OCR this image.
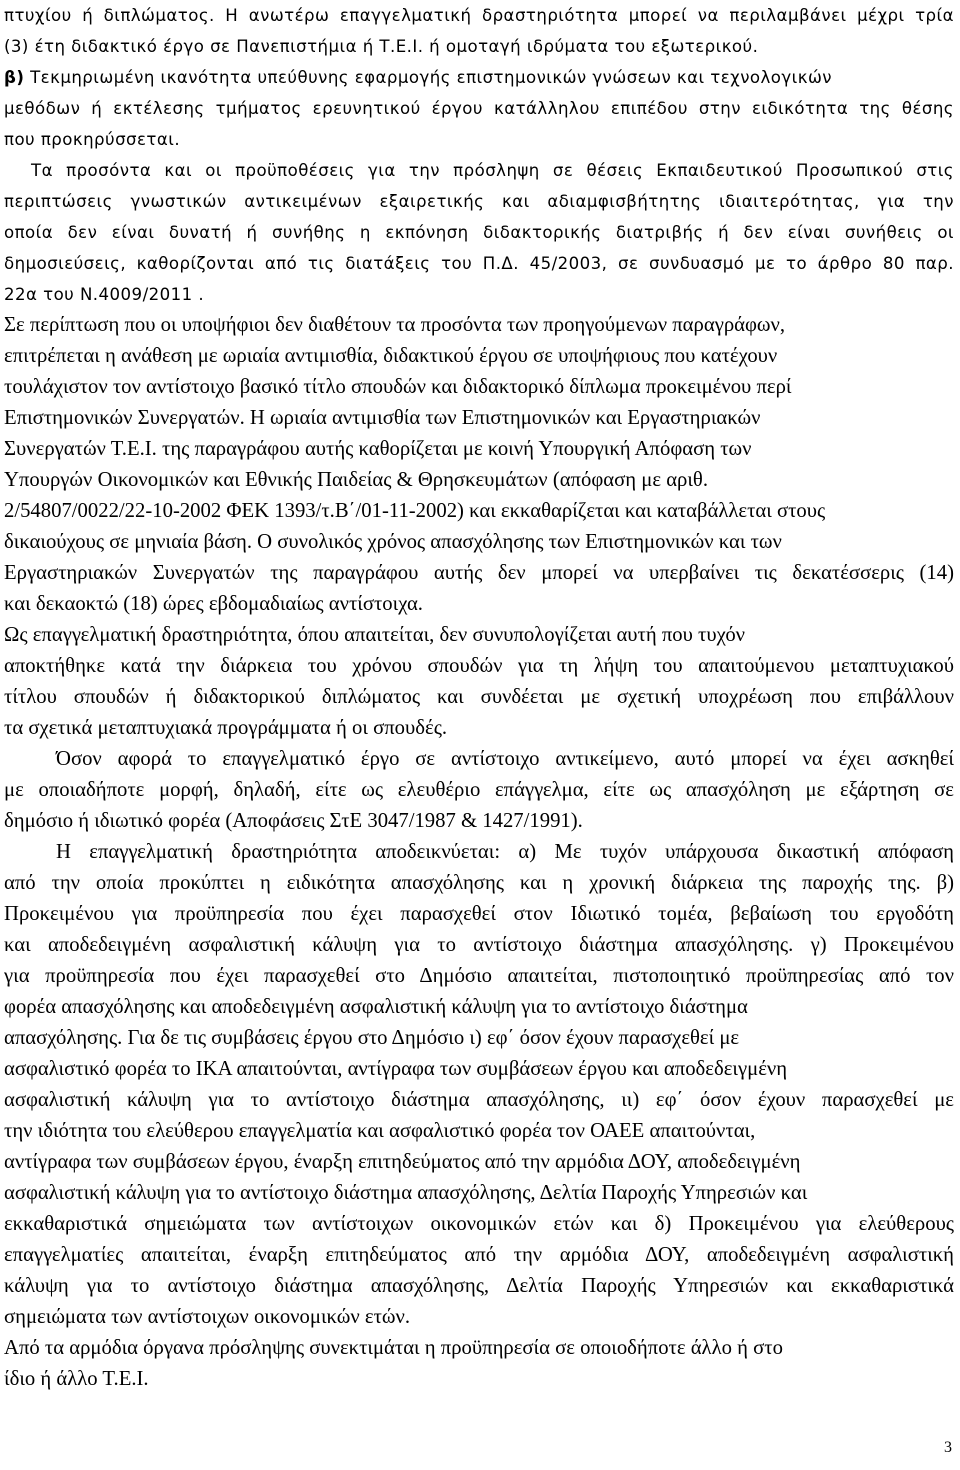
πτυχίου ή διπλώματος. Η ανωτέρω επαγγελματική δραστηριότητα μπορεί να περιλαμβάνει μέχρι τρία
(3) έτη διδακτικό έργο σε Πανεπιστήμια ή Τ.Ε.Ι. ή ομοταγή ιδρύματα του εξωτερικού.
β) Τεκμηριωμένη ικανότητα υπεύθυνης εφαρμογής επιστημονικών γνώσεων και τεχνολογικών
μεθόδων ή εκτέλεσης τμήματος ερευνητικού έργου κατάλληλου επιπέδου στην ειδικότητα της θέσης
που προκηρύσσεται.
Τα προσόντα και οι προϋποθέσεις για την πρόσληψη σε θέσεις Εκπαιδευτικού Προσωπικού στις
περιπτώσεις γνωστικών αντικειμένων εξαιρετικής και αδιαμφισβήτητης ιδιαιτερότητας, για την
οποία δεν είναι δυνατή ή συνήθης η εκπόνηση διδακτορικής διατριβής ή δεν είναι συνήθεις οι
δημοσιεύσεις, καθορίζονται από τις διατάξεις του Π.Δ. 45/2003, σε συνδυασμό με το άρθρο 80 παρ.
22α του Ν.4009/2011 .
Σε περίπτωση που οι υποψήφιοι δεν διαθέτουν τα προσόντα των προηγούμενων παραγράφων,
επιτρέπεται η ανάθεση με ωριαία αντιμισθία, διδακτικού έργου σε υποψήφιους που κατέχουν
τουλάχιστον τον αντίστοιχο βασικό τίτλο σπουδών και διδακτορικό δίπλωμα προκειμένου περί
Επιστημονικών Συνεργατών. Η ωριαία αντιμισθία των Επιστημονικών και Εργαστηριακών
Συνεργατών Τ.Ε.Ι. της παραγράφου αυτής καθορίζεται με κοινή Υπουργική Απόφαση των
Υπουργών Οικονομικών και Εθνικής Παιδείας & Θρησκευμάτων (απόφαση με αριθ.
2/54807/0022/22-10-2002 ΦΕΚ 1393/τ.Β΄/01-11-2002) και εκκαθαρίζεται και καταβάλλεται στους
δικαιούχους σε μηνιαία βάση. Ο συνολικός χρόνος απασχόλησης των Επιστημονικών και των
Εργαστηριακών Συνεργατών της παραγράφου αυτής δεν μπορεί να υπερβαίνει τις δεκατέσσερις (14)
και δεκαοκτώ (18) ώρες εβδομαδιαίως αντίστοιχα.
Ως επαγγελματική δραστηριότητα, όπου απαιτείται, δεν συνυπολογίζεται αυτή που τυχόν
αποκτήθηκε κατά την διάρκεια του χρόνου σπουδών για τη λήψη του απαιτούμενου μεταπτυχιακού
τίτλου σπουδών ή διδακτορικού διπλώματος και συνδέεται με σχετική υποχρέωση που επιβάλλουν
τα σχετικά μεταπτυχιακά προγράμματα ή οι σπουδές.
Όσον αφορά το επαγγελματικό έργο σε αντίστοιχο αντικείμενο, αυτό μπορεί να έχει ασκηθεί
με οποιαδήποτε μορφή, δηλαδή, είτε ως ελευθέριο επάγγελμα, είτε ως απασχόληση με εξάρτηση σε
δημόσιο ή ιδιωτικό φορέα (Αποφάσεις ΣτΕ 3047/1987 & 1427/1991).
Η επαγγελματική δραστηριότητα αποδεικνύεται: α) Με τυχόν υπάρχουσα δικαστική απόφαση
από την οποία προκύπτει η ειδικότητα απασχόλησης και η χρονική διάρκεια της παροχής της. β)
Προκειμένου για προϋπηρεσία που έχει παρασχεθεί στον Ιδιωτικό τομέα, βεβαίωση του εργοδότη
και αποδεδειγμένη ασφαλιστική κάλυψη για το αντίστοιχο διάστημα απασχόλησης. γ) Προκειμένου
για προϋπηρεσία που έχει παρασχεθεί στο Δημόσιο απαιτείται, πιστοποιητικό προϋπηρεσίας από τον
φορέα απασχόλησης και αποδεδειγμένη ασφαλιστική κάλυψη για το αντίστοιχο διάστημα
απασχόλησης. Για δε τις συμβάσεις έργου στο Δημόσιο ι) εφ΄ όσον έχουν παρασχεθεί με
ασφαλιστικό φορέα το ΙΚΑ απαιτούνται, αντίγραφα των συμβάσεων έργου και αποδεδειγμένη
ασφαλιστική κάλυψη για το αντίστοιχο διάστημα απασχόλησης, ιι) εφ΄ όσον έχουν παρασχεθεί με
την ιδιότητα του ελεύθερου επαγγελματία και ασφαλιστικό φορέα τον ΟΑΕΕ απαιτούνται,
αντίγραφα των συμβάσεων έργου, έναρξη επιτηδεύματος από την αρμόδια ΔΟΥ, αποδεδειγμένη
ασφαλιστική κάλυψη για το αντίστοιχο διάστημα απασχόλησης, Δελτία Παροχής Υπηρεσιών και
εκκαθαριστικά σημειώματα των αντίστοιχων οικονομικών ετών και δ) Προκειμένου για ελεύθερους
επαγγελματίες απαιτείται, έναρξη επιτηδεύματος από την αρμόδια ΔΟΥ, αποδεδειγμένη ασφαλιστική
κάλυψη για το αντίστοιχο διάστημα απασχόλησης, Δελτία Παροχής Υπηρεσιών και εκκαθαριστικά
σημειώματα των αντίστοιχων οικονομικών ετών.
Από τα αρμόδια όργανα πρόσληψης συνεκτιμάται η προϋπηρεσία σε οποιοδήποτε άλλο ή στο
ίδιο ή άλλο Τ.Ε.Ι.
3
